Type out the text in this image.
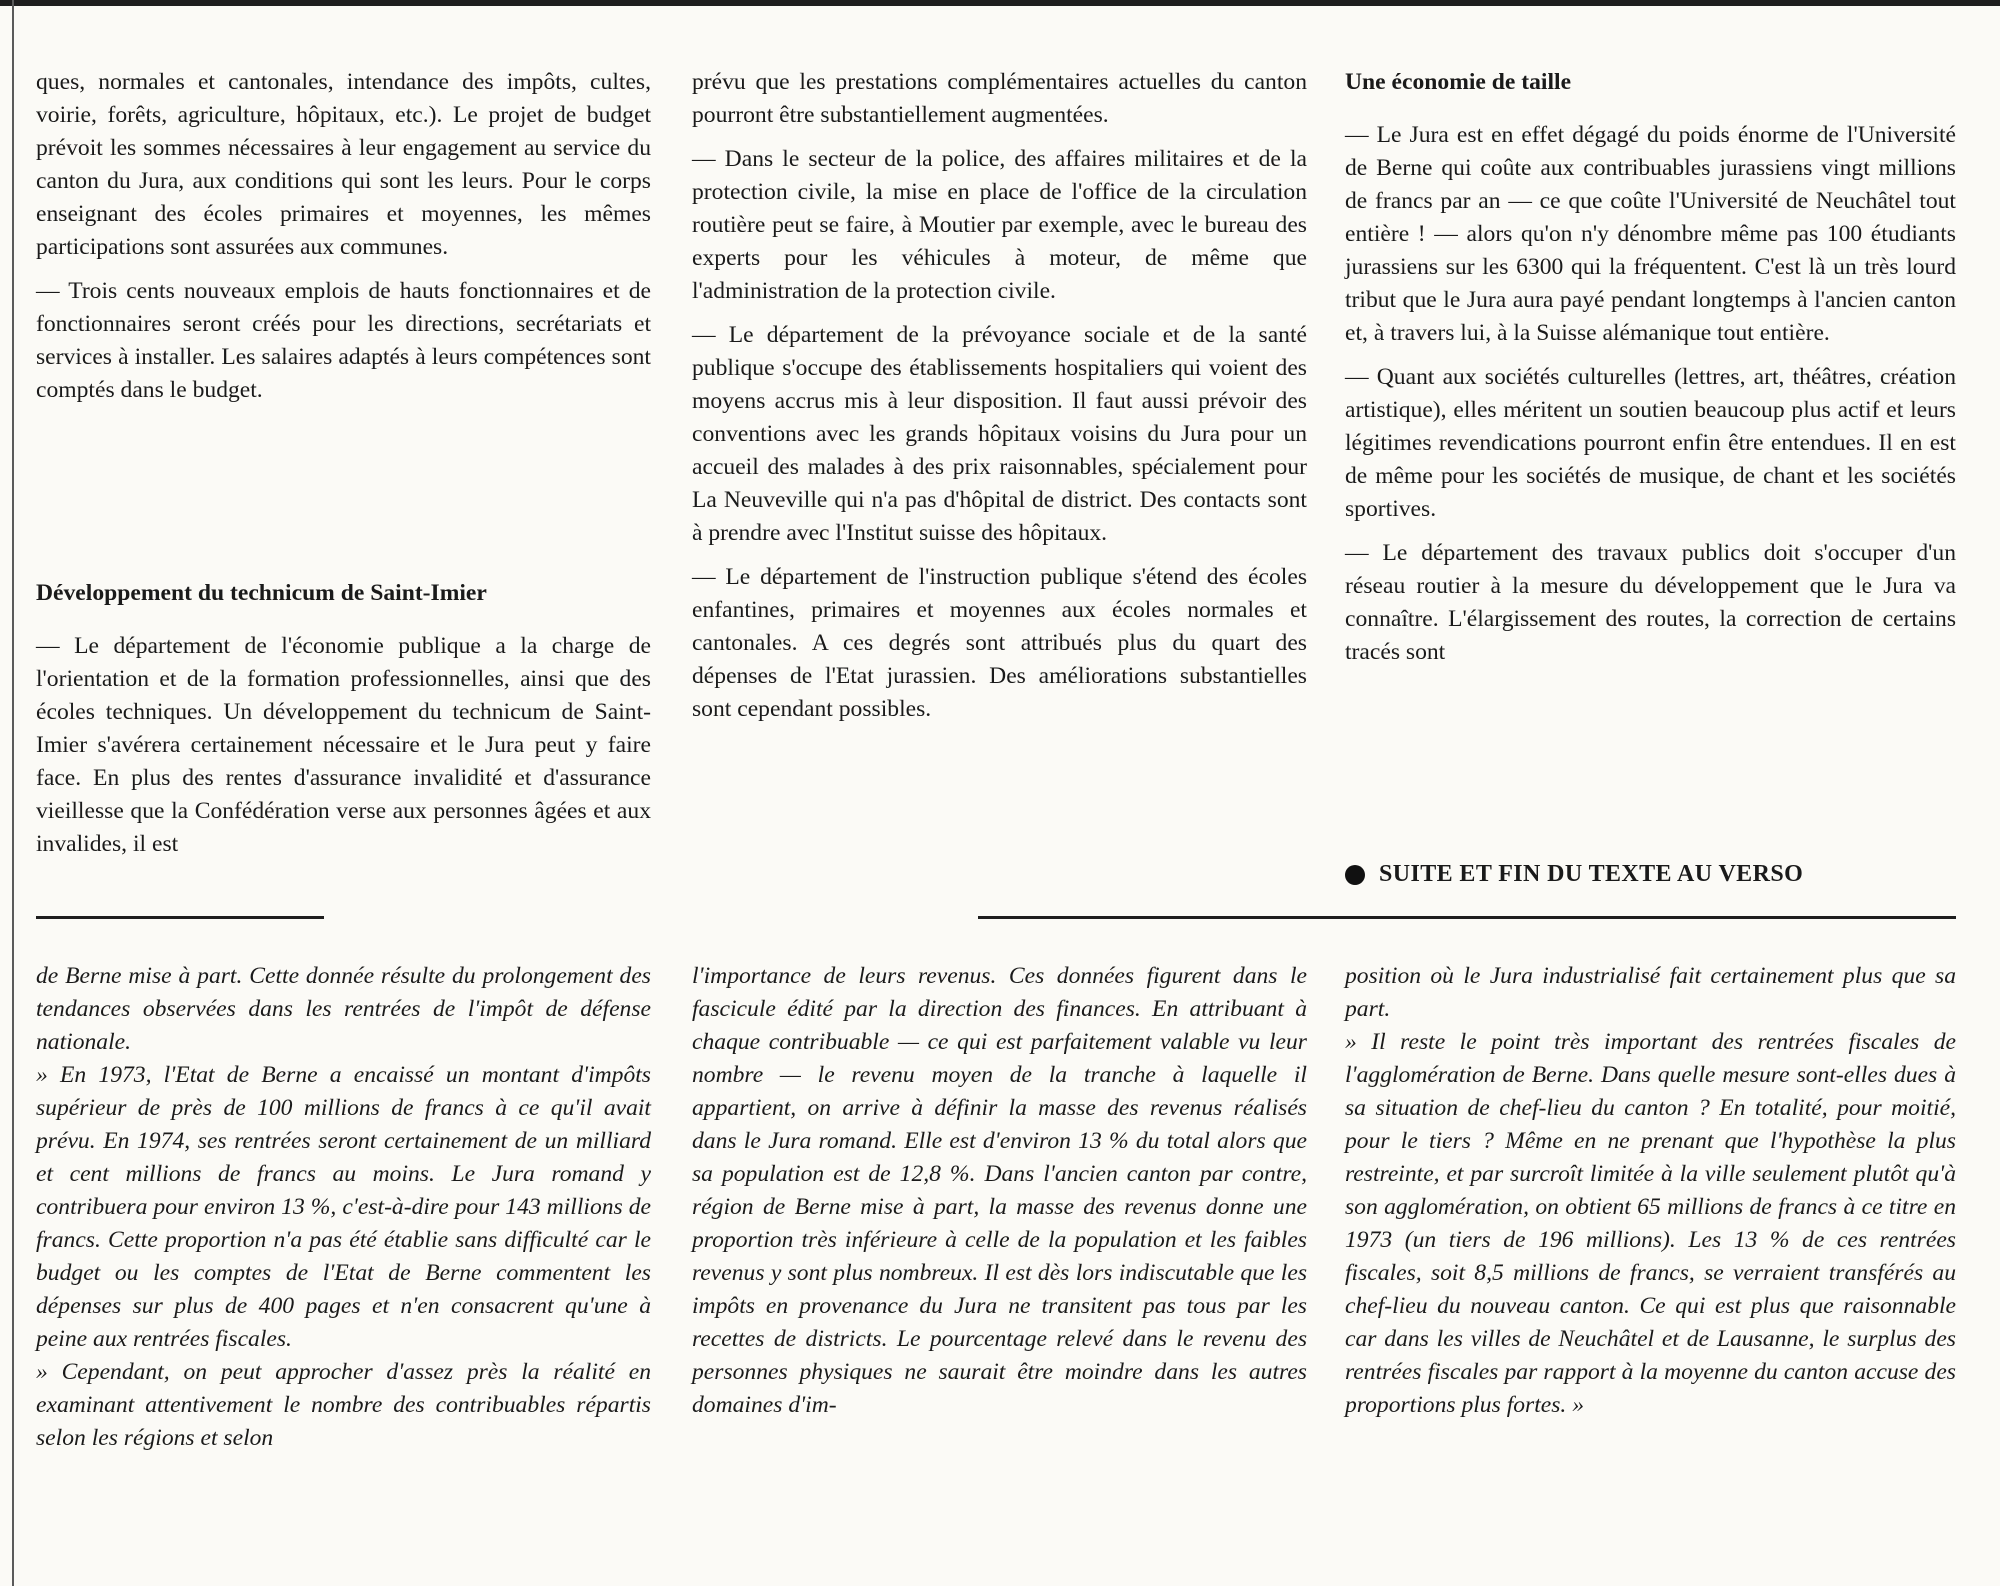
ques, normales et cantonales, intendance des impôts, cultes, voirie, forêts, agriculture, hôpitaux, etc.). Le projet de budget prévoit les sommes nécessaires à leur engagement au service du canton du Jura, aux conditions qui sont les leurs. Pour le corps enseignant des écoles primaires et moyennes, les mêmes participations sont assurées aux communes.

— Trois cents nouveaux emplois de hauts fonctionnaires et de fonctionnaires seront créés pour les directions, secrétariats et services à installer. Les salaires adaptés à leurs compétences sont comptés dans le budget.

Développement du technicum de Saint-Imier

— Le département de l'économie publique a la charge de l'orientation et de la formation professionnelles, ainsi que des écoles techniques. Un développement du technicum de Saint-Imier s'avérera certainement nécessaire et le Jura peut y faire face. En plus des rentes d'assurance invalidité et d'assurance vieillesse que la Confédération verse aux personnes âgées et aux invalides, il est

prévu que les prestations complémentaires actuelles du canton pourront être substantiellement augmentées.

— Dans le secteur de la police, des affaires militaires et de la protection civile, la mise en place de l'office de la circulation routière peut se faire, à Moutier par exemple, avec le bureau des experts pour les véhicules à moteur, de même que l'administration de la protection civile.

— Le département de la prévoyance sociale et de la santé publique s'occupe des établissements hospitaliers qui voient des moyens accrus mis à leur disposition. Il faut aussi prévoir des conventions avec les grands hôpitaux voisins du Jura pour un accueil des malades à des prix raisonnables, spécialement pour La Neuveville qui n'a pas d'hôpital de district. Des contacts sont à prendre avec l'Institut suisse des hôpitaux.

— Le département de l'instruction publique s'étend des écoles enfantines, primaires et moyennes aux écoles normales et cantonales. A ces degrés sont attribués plus du quart des dépenses de l'Etat jurassien. Des améliorations substantielles sont cependant possibles.

Une économie de taille

— Le Jura est en effet dégagé du poids énorme de l'Université de Berne qui coûte aux contribuables jurassiens vingt millions de francs par an — ce que coûte l'Université de Neuchâtel tout entière ! — alors qu'on n'y dénombre même pas 100 étudiants jurassiens sur les 6300 qui la fréquentent. C'est là un très lourd tribut que le Jura aura payé pendant longtemps à l'ancien canton et, à travers lui, à la Suisse alémanique tout entière.

— Quant aux sociétés culturelles (lettres, art, théâtres, création artistique), elles méritent un soutien beaucoup plus actif et leurs légitimes revendications pourront enfin être entendues. Il en est de même pour les sociétés de musique, de chant et les sociétés sportives.

— Le département des travaux publics doit s'occuper d'un réseau routier à la mesure du développement que le Jura va connaître. L'élargissement des routes, la correction de certains tracés sont

SUITE ET FIN DU TEXTE AU VERSO

de Berne mise à part. Cette donnée résulte du prolongement des tendances observées dans les rentrées de l'impôt de défense nationale.

» En 1973, l'Etat de Berne a encaissé un montant d'impôts supérieur de près de 100 millions de francs à ce qu'il avait prévu. En 1974, ses rentrées seront certainement de un milliard et cent millions de francs au moins. Le Jura romand y contribuera pour environ 13 %, c'est-à-dire pour 143 millions de francs. Cette proportion n'a pas été établie sans difficulté car le budget ou les comptes de l'Etat de Berne commentent les dépenses sur plus de 400 pages et n'en consacrent qu'une à peine aux rentrées fiscales.

» Cependant, on peut approcher d'assez près la réalité en examinant attentivement le nombre des contribuables répartis selon les régions et selon

l'importance de leurs revenus. Ces données figurent dans le fascicule édité par la direction des finances. En attribuant à chaque contribuable — ce qui est parfaitement valable vu leur nombre — le revenu moyen de la tranche à laquelle il appartient, on arrive à définir la masse des revenus réalisés dans le Jura romand. Elle est d'environ 13 % du total alors que sa population est de 12,8 %. Dans l'ancien canton par contre, région de Berne mise à part, la masse des revenus donne une proportion très inférieure à celle de la population et les faibles revenus y sont plus nombreux. Il est dès lors indiscutable que les impôts en provenance du Jura ne transitent pas tous par les recettes de districts. Le pourcentage relevé dans le revenu des personnes physiques ne saurait être moindre dans les autres domaines d'im-

position où le Jura industrialisé fait certainement plus que sa part.

» Il reste le point très important des rentrées fiscales de l'agglomération de Berne. Dans quelle mesure sont-elles dues à sa situation de chef-lieu du canton ? En totalité, pour moitié, pour le tiers ? Même en ne prenant que l'hypothèse la plus restreinte, et par surcroît limitée à la ville seulement plutôt qu'à son agglomération, on obtient 65 millions de francs à ce titre en 1973 (un tiers de 196 millions). Les 13 % de ces rentrées fiscales, soit 8,5 millions de francs, se verraient transférés au chef-lieu du nouveau canton. Ce qui est plus que raisonnable car dans les villes de Neuchâtel et de Lausanne, le surplus des rentrées fiscales par rapport à la moyenne du canton accuse des proportions plus fortes. »
